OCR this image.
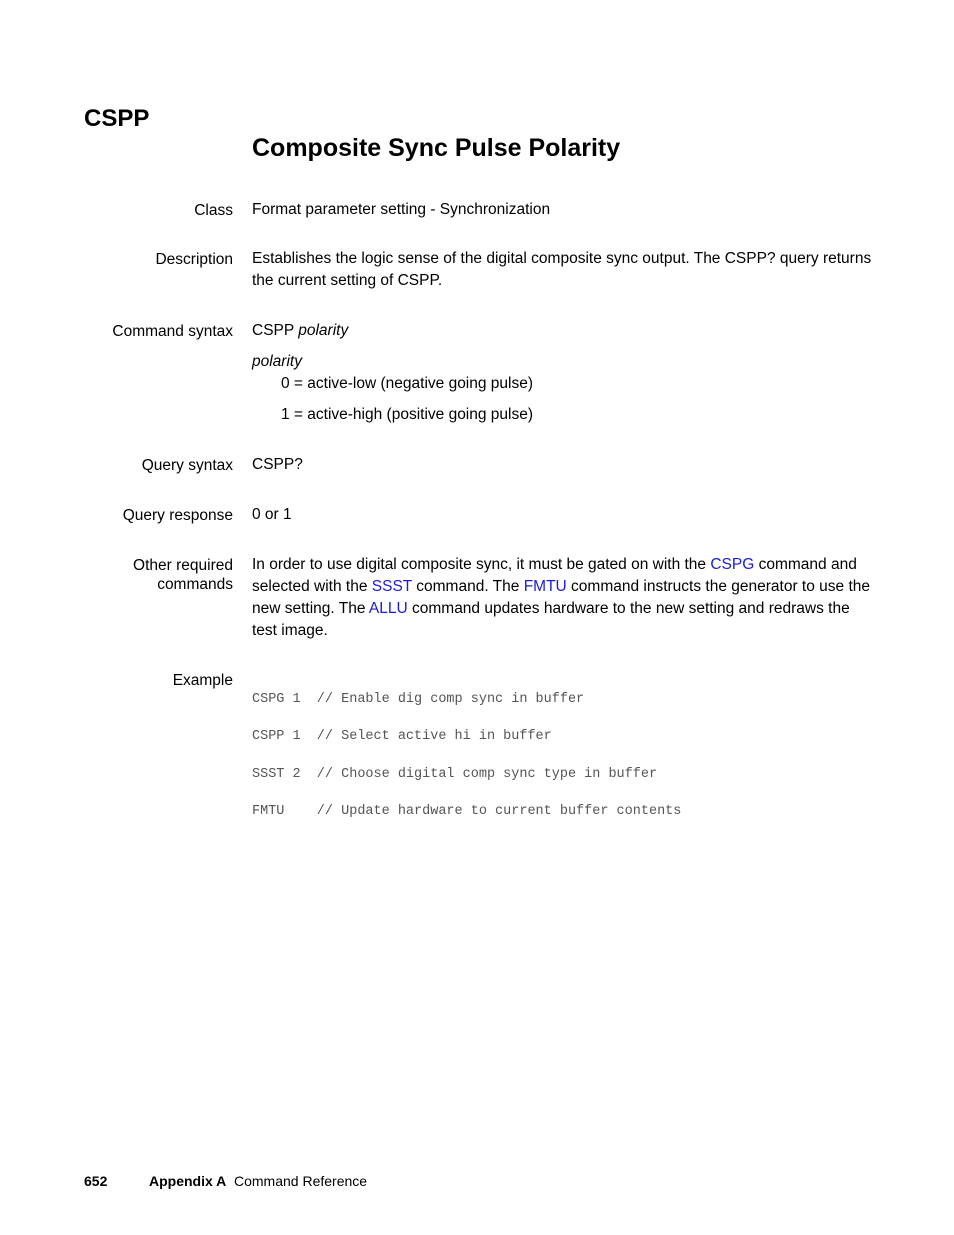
CSPP
Composite Sync Pulse Polarity
Class Format parameter setting - Synchronization
Description Establishes the logic sense of the digital composite sync output. The CSPP? query returns the current setting of CSPP.
Command syntax CSPP polarity
polarity
0 = active-low (negative going pulse)
1 = active-high (positive going pulse)
Query syntax CSPP?
Query response 0 or 1
Other required
commands
In order to use digital composite sync, it must be gated on with the CSPG command and selected with the SSST command. The FMTU command instructs the generator to use the new setting. The ALLU command updates hardware to the new setting and redraws the test image.
Example

CSPG 1  // Enable dig comp sync in buffer

CSPP 1  // Select active hi in buffer

SSST 2  // Choose digital comp sync type in buffer

FMTU    // Update hardware to current buffer contents

652	Appendix A Command Reference
